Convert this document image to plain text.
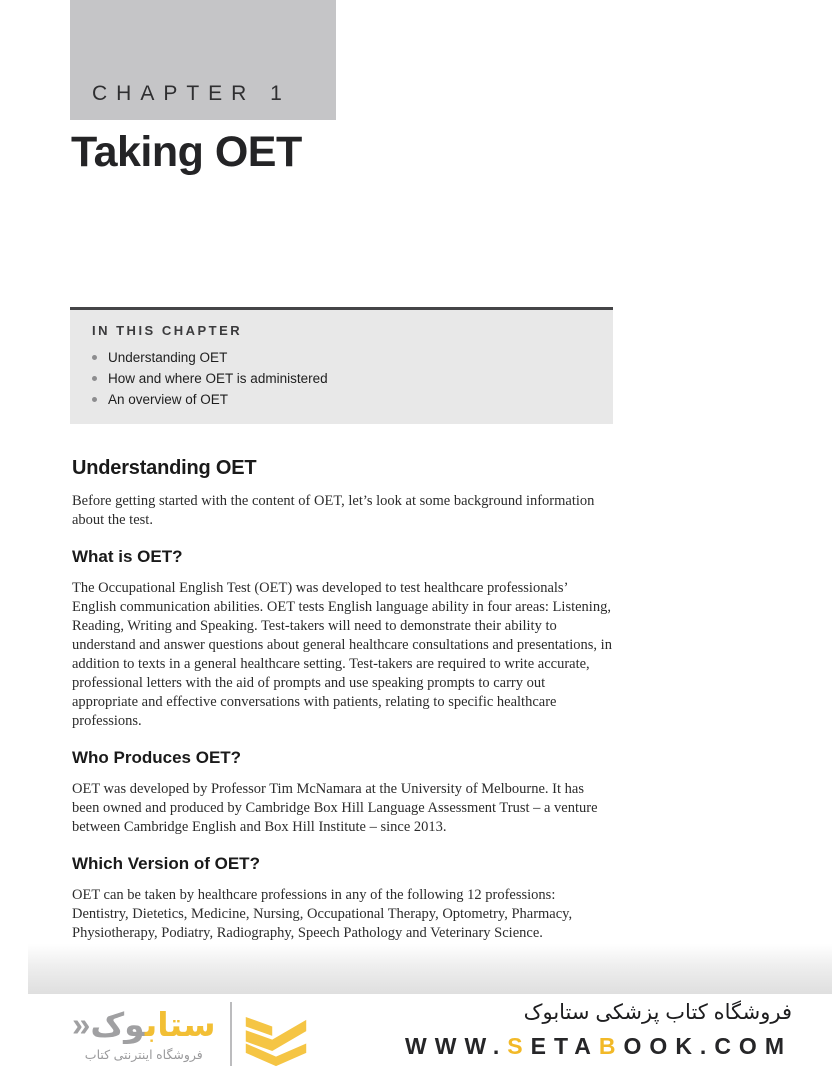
CHAPTER 1
Taking OET
IN THIS CHAPTER
Understanding OET
How and where OET is administered
An overview of OET
Understanding OET

Before getting started with the content of OET, let’s look at some background information about the test.

What is OET?

The Occupational English Test (OET) was developed to test healthcare professionals’ English communication abilities. OET tests English language ability in four areas: Listening, Reading, Writing and Speaking. Test-takers will need to demonstrate their ability to understand and answer questions about general healthcare consultations and presentations, in addition to texts in a general healthcare setting. Test-takers are required to write accurate, professional letters with the aid of prompts and use speaking prompts to carry out appropriate and effective conversations with patients, relating to specific healthcare professions.

Who Produces OET?

OET was developed by Professor Tim McNamara at the University of Melbourne. It has been owned and produced by Cambridge Box Hill Language Assessment Trust – a venture between Cambridge English and Box Hill Institute – since 2013.

Which Version of OET?

OET can be taken by healthcare professions in any of the following 12 professions: Dentistry, Dietetics, Medicine, Nursing, Occupational Therapy, Optometry, Pharmacy, Physiotherapy, Podiatry, Radiography, Speech Pathology and Veterinary Science.

ستابوک«
فروشگاه اینترنتی کتاب
فروشگاه کتاب پزشکی ستابوک
WWW.SETABOOK.COM
